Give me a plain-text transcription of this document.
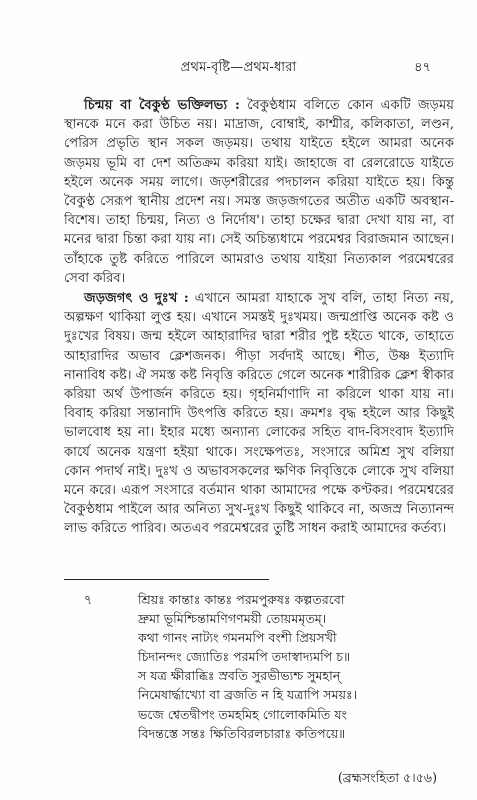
প্রথম-বৃষ্টি—প্রথম-ধারা	৪৭

চিন্ময় বা বৈকুণ্ঠ ভক্তিলভ্য : বৈকুণ্ঠধাম বলিতে কোন একটি জড়ময় স্থানকে মনে করা উচিত নয়। মাদ্রাজ, বোম্বাই, কাশ্মীর, কলিকাতা, লণ্ডন, পেরিস প্রভৃতি স্থান সকল জড়ময়। তথায় যাইতে হইলে আমরা অনেক জড়ময় ভূমি বা দেশ অতিক্রম করিয়া যাই। জাহাজে বা রেলরোডে যাইতে হইলে অনেক সময় লাগে। জড়শরীরের পদচালন করিয়া যাইতে হয়। কিন্তু বৈকুণ্ঠ সেরূপ স্থানীয় প্রদেশ নয়। সমস্ত জড়জগতের অতীত একটি অবস্থান-বিশেষ। তাহা চিন্ময়, নিত্য ও নির্দোষ'। তাহা চক্ষের দ্বারা দেখা যায় না, বা মনের দ্বারা চিন্তা করা যায় না। সেই অচিন্ত্যধামে পরমেশ্বর বিরাজমান আছেন। তাঁহাকে তুষ্ট করিতে পারিলে আমরাও তথায় যাইয়া নিত্যকাল পরমেশ্বরের সেবা করিব।

জড়জগৎ ও দুঃখ : এখানে আমরা যাহাকে সুখ বলি, তাহা নিত্য নয়, অল্পক্ষণ থাকিয়া লুপ্ত হয়। এখানে সমস্তই দুঃখময়। জন্মপ্রাপ্তি অনেক কষ্ট ও দুঃখের বিষয়। জন্ম হইলে আহারাদির দ্বারা শরীর পুষ্ট হইতে থাকে, তাহাতে আহারাদির অভাব ক্লেশজনক। পীড়া সর্বদাই আছে। শীত, উষ্ণ ইত্যাদি নানাবিধ কষ্ট। ঐ সমস্ত কষ্ট নিবৃত্তি করিতে গেলে অনেক শারীরিক ক্লেশ স্বীকার করিয়া অর্থ উপার্জন করিতে হয়। গৃহনির্মাণাদি না করিলে থাকা যায় না। বিবাহ করিয়া সন্তানাদি উৎপত্তি করিতে হয়। ক্রমশঃ বৃদ্ধ হইলে আর কিছুই ভালবোধ হয় না। ইহার মধ্যে অন্যান্য লোকের সহিত বাদ-বিসংবাদ ইত্যাদি কার্যে অনেক যন্ত্রণা হইয়া থাকে। সংক্ষেপতঃ, সংসারে অমিশ্র সুখ বলিয়া কোন পদার্থ নাই। দুঃখ ও অভাবসকলের ক্ষণিক নিবৃত্তিকে লোকে সুখ বলিয়া মনে করে। এরূপ সংসারে বর্তমান থাকা আমাদের পক্ষে কণ্টকর। পরমেশ্বরের বৈকুণ্ঠধাম পাইলে আর অনিত্য সুখ-দুঃখ কিছুই থাকিবে না, অজস্র নিত্যানন্দ লাভ করিতে পারিব। অতএব পরমেশ্বরের তুষ্টি সাধন করাই আমাদের কর্তব্য।

৭	শ্রিয়ঃ কান্তাঃ কান্তঃ পরমপুরুষঃ কল্পতরবো
দ্রুমা ভূমিশ্চিন্তামণিগণময়ী তোয়মমৃতম্।
কথা গানং নাট্যং গমনমপি বংশী প্রিয়সখী
চিদানন্দং জ্যোতিঃ পরমপি তদাস্বাদ্যমপি চ॥
স যত্র ক্ষীরাব্ধিঃ স্রবতি সুরভীভ্যশ্চ সুমহান্
নিমেষার্দ্ধাখ্যো বা ব্রজতি ন হি যত্রাপি সময়ঃ।
ভজে শ্বেতদ্বীপং তমহমিহ গোলোকমিতি যং
বিদন্তস্তে সন্তঃ ক্ষিতিবিরলচারাঃ কতিপয়ে॥
(ব্রহ্মসংহিতা ৫।৫৬)
